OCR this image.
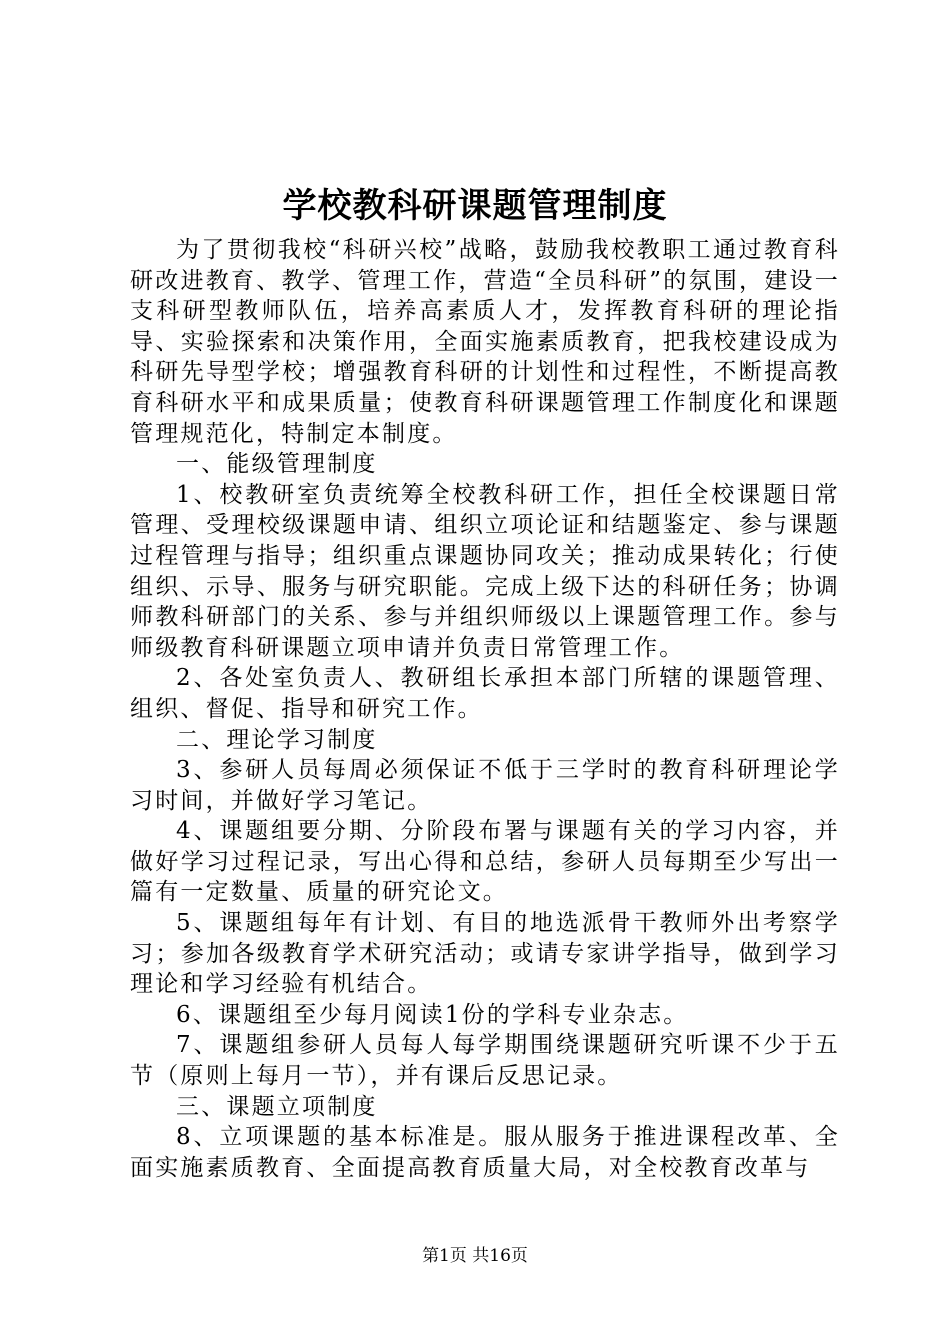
学校教科研课题管理制度

为了贯彻我校“科研兴校”战略，鼓励我校教职工通过教育科研改进教育、教学、管理工作，营造“全员科研”的氛围，建设一支科研型教师队伍，培养高素质人才，发挥教育科研的理论指导、实验探索和决策作用，全面实施素质教育，把我校建设成为科研先导型学校；增强教育科研的计划性和过程性，不断提高教育科研水平和成果质量；使教育科研课题管理工作制度化和课题管理规范化，特制定本制度。

一、能级管理制度

1、校教研室负责统筹全校教科研工作，担任全校课题日常管理、受理校级课题申请、组织立项论证和结题鉴定、参与课题过程管理与指导；组织重点课题协同攻关；推动成果转化；行使组织、示导、服务与研究职能。完成上级下达的科研任务；协调师教科研部门的关系、参与并组织师级以上课题管理工作。参与师级教育科研课题立项申请并负责日常管理工作。

2、各处室负责人、教研组长承担本部门所辖的课题管理、组织、督促、指导和研究工作。

二、理论学习制度

3、参研人员每周必须保证不低于三学时的教育科研理论学习时间，并做好学习笔记。

4、课题组要分期、分阶段布署与课题有关的学习内容，并做好学习过程记录，写出心得和总结，参研人员每期至少写出一篇有一定数量、质量的研究论文。

5、课题组每年有计划、有目的地选派骨干教师外出考察学习；参加各级教育学术研究活动；或请专家讲学指导，做到学习理论和学习经验有机结合。

6、课题组至少每月阅读1份的学科专业杂志。

7、课题组参研人员每人每学期围绕课题研究听课不少于五节（原则上每月一节），并有课后反思记录。

三、课题立项制度

8、立项课题的基本标准是。服从服务于推进课程改革、全面实施素质教育、全面提高教育质量大局，对全校教育改革与

第1页 共16页
